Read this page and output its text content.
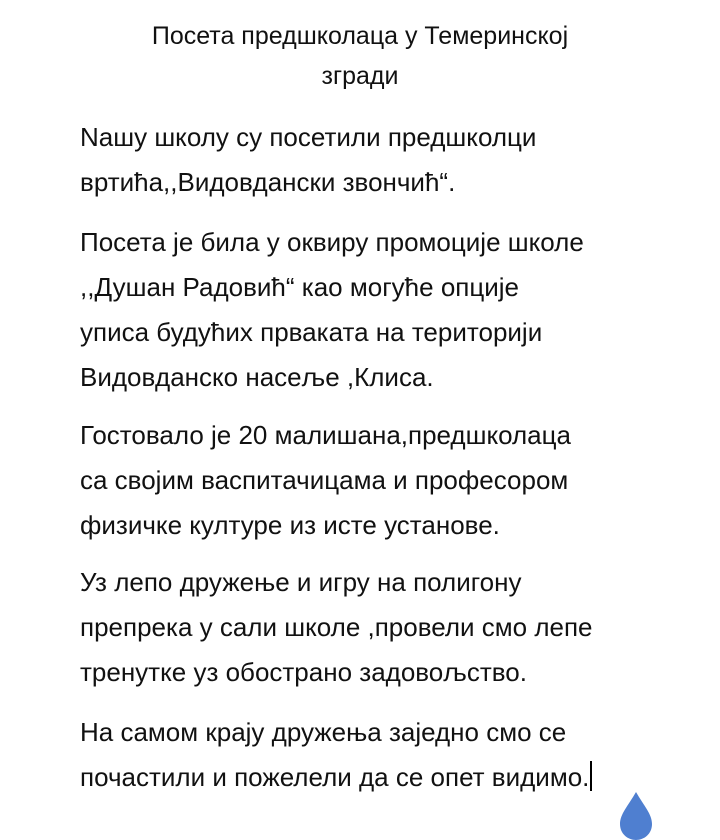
Посета предшколаца у Темеринској
згради

Nашу школу су посетили предшколци
вртића,,Видовдански звончић“.

Посета је била у оквиру промоције школе
,,Душан Радовић“ као могуће опције
уписа будућих прваката на територији
Видовданско насеље ,Клиса.

Гостовало је 20 малишана,предшколаца
са својим васпитачицама и професором
физичке културе из исте установе.

Уз лепо дружење и игру на полигону
препрека у сали школе ,провели смо лепе
тренутке уз обострано задовољство.

На самом крају дружења заједно смо се
почастили и пожелели да се опет видимо.
